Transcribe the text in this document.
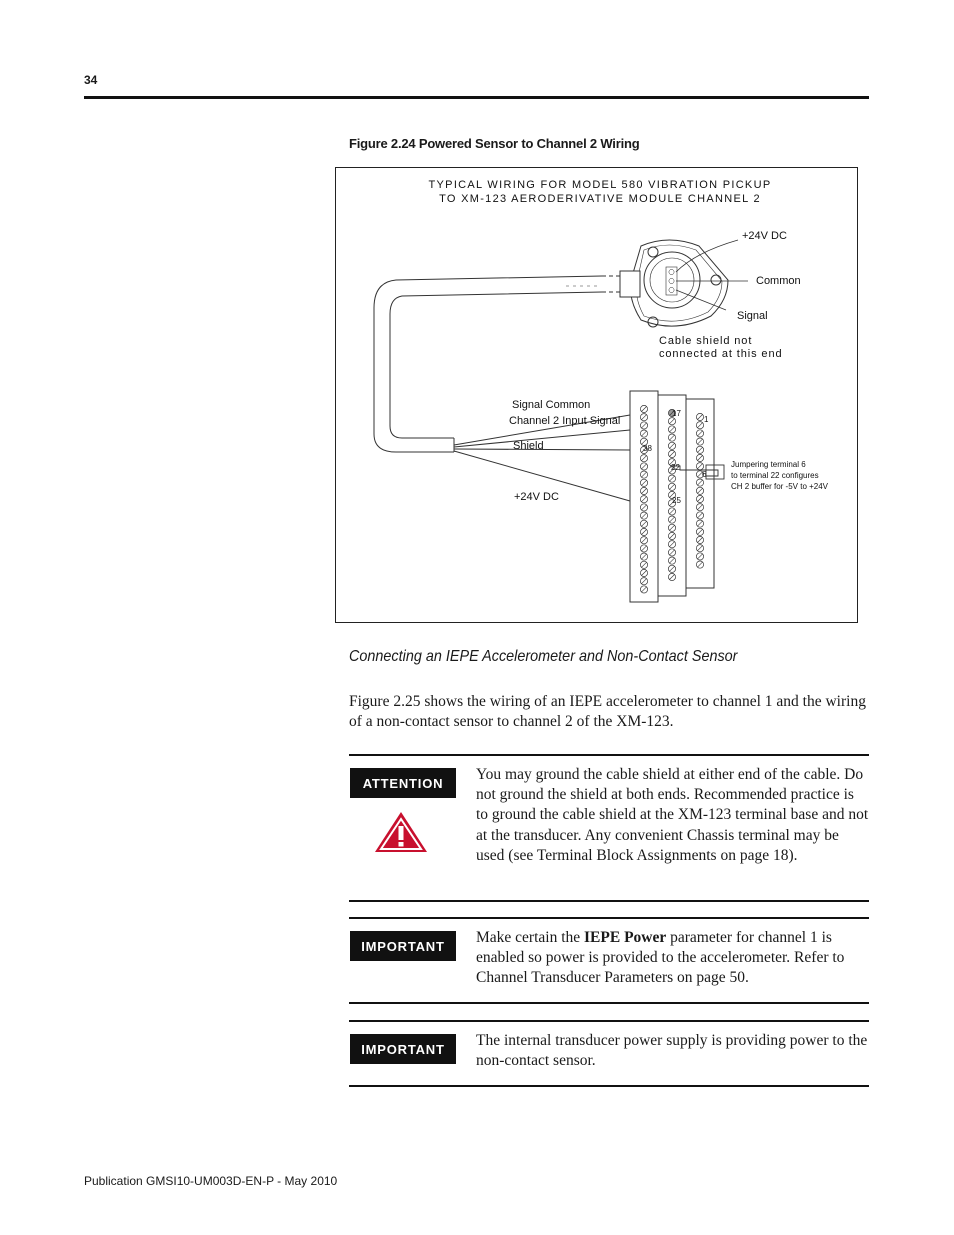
34
Figure 2.24 Powered Sensor to Channel 2 Wiring
TYPICAL WIRING FOR MODEL 580 VIBRATION PICKUP
TO XM-123 AERODERIVATIVE MODULE CHANNEL 2
+24V DC
Common
Signal
Cable shield not
connected at this end
Signal Common
Channel 2 Input Signal
Shield
+24V DC
17
1
38
22
6
25
Jumpering terminal 6
to terminal 22 configures
CH 2 buffer for -5V to +24V
Connecting an IEPE Accelerometer and Non-Contact Sensor
Figure 2.25 shows the wiring of an IEPE accelerometer to channel 1 and the wiring of a non-contact sensor to channel 2 of the XM-123.
ATTENTION	You may ground the cable shield at either end of the cable. Do not ground the shield at both ends. Recommended practice is to ground the cable shield at the XM-123 terminal base and not at the transducer. Any convenient Chassis terminal may be used (see Terminal Block Assignments on page 18).
IMPORTANT	Make certain the IEPE Power parameter for channel 1 is enabled so power is provided to the accelerometer. Refer to Channel Transducer Parameters on page 50.
IMPORTANT	The internal transducer power supply is providing power to the non-contact sensor.
Publication GMSI10-UM003D-EN-P - May 2010
